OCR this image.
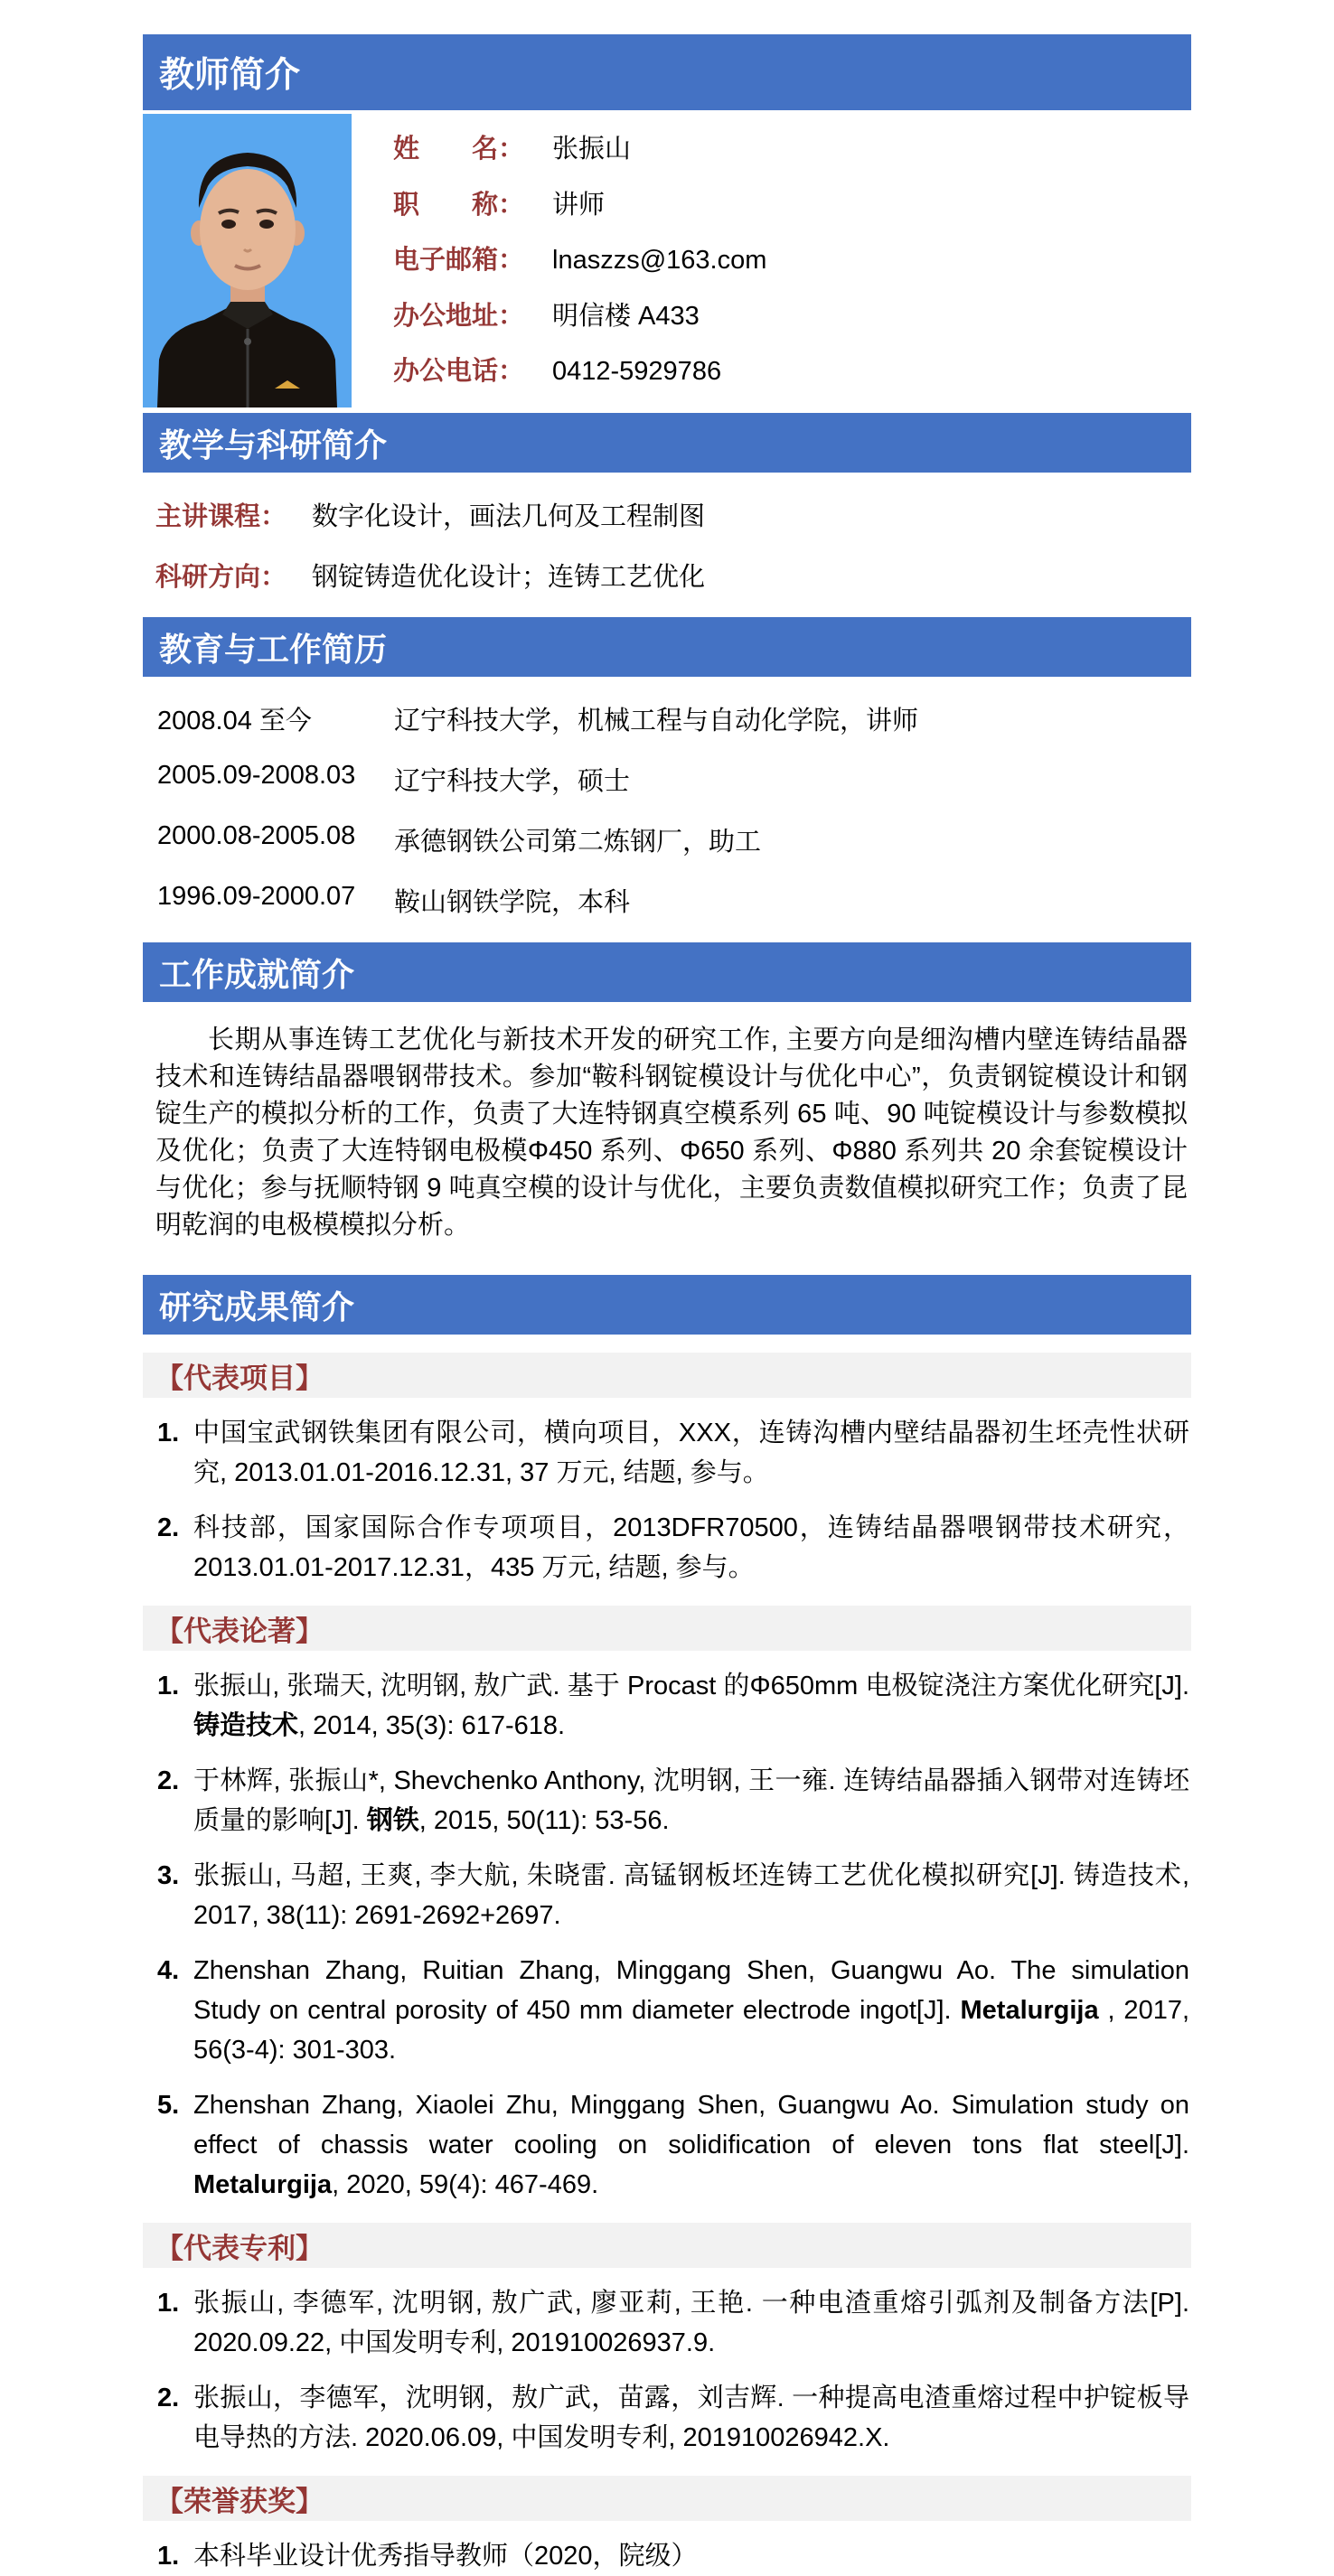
教师简介
姓　　名： 张振山
职　　称： 讲师
电子邮箱： lnaszzs@163.com
办公地址： 明信楼 A433
办公电话： 0412-5929786
教学与科研简介
主讲课程： 数字化设计，画法几何及工程制图
科研方向： 钢锭铸造优化设计；连铸工艺优化
教育与工作简历
2008.04 至今	辽宁科技大学，机械工程与自动化学院，讲师
2005.09-2008.03	辽宁科技大学，硕士
2000.08-2005.08	承德钢铁公司第二炼钢厂，助工
1996.09-2000.07	鞍山钢铁学院，本科
工作成就简介

长期从事连铸工艺优化与新技术开发的研究工作, 主要方向是细沟槽内壁连铸结晶器技术和连铸结晶器喂钢带技术。参加“鞍科钢锭模设计与优化中心”，负责钢锭模设计和钢锭生产的模拟分析的工作，负责了大连特钢真空模系列 65 吨、90 吨锭模设计与参数模拟及优化；负责了大连特钢电极模Φ450 系列、Φ650 系列、Φ880 系列共 20 余套锭模设计与优化；参与抚顺特钢 9 吨真空模的设计与优化，主要负责数值模拟研究工作；负责了昆明乾润的电极模模拟分析。

研究成果简介
【代表项目】
1. 中国宝武钢铁集团有限公司，横向项目，XXX，连铸沟槽内壁结晶器初生坯壳性状研究, 2013.01.01-2016.12.31, 37 万元, 结题, 参与。
2. 科技部，国家国际合作专项项目，2013DFR70500，连铸结晶器喂钢带技术研究，2013.01.01-2017.12.31，435 万元, 结题, 参与。
【代表论著】
1. 张振山, 张瑞天, 沈明钢, 敖广武. 基于 Procast 的Φ650mm 电极锭浇注方案优化研究[J]. 铸造技术, 2014, 35(3): 617-618.
2. 于林辉, 张振山*, Shevchenko Anthony, 沈明钢, 王一雍. 连铸结晶器插入钢带对连铸坯质量的影响[J]. 钢铁, 2015, 50(11): 53-56.
3. 张振山, 马超, 王爽, 李大航, 朱晓雷. 高锰钢板坯连铸工艺优化模拟研究[J]. 铸造技术, 2017, 38(11): 2691-2692+2697.
4. Zhenshan Zhang, Ruitian Zhang, Minggang Shen, Guangwu Ao. The simulation Study on central porosity of 450 mm diameter electrode ingot[J]. Metalurgija , 2017, 56(3-4): 301-303.
5. Zhenshan Zhang, Xiaolei Zhu, Minggang Shen, Guangwu Ao. Simulation study on effect of chassis water cooling on solidification of eleven tons flat steel[J]. Metalurgija, 2020, 59(4): 467-469.
【代表专利】
1. 张振山, 李德军, 沈明钢, 敖广武, 廖亚莉, 王艳. 一种电渣重熔引弧剂及制备方法[P]. 2020.09.22, 中国发明专利, 201910026937.9.
2. 张振山，李德军，沈明钢，敖广武，苗露，刘吉辉. 一种提高电渣重熔过程中护锭板导电导热的方法. 2020.06.09, 中国发明专利, 201910026942.X.
【荣誉获奖】
1. 本科毕业设计优秀指导教师（2020，院级）
